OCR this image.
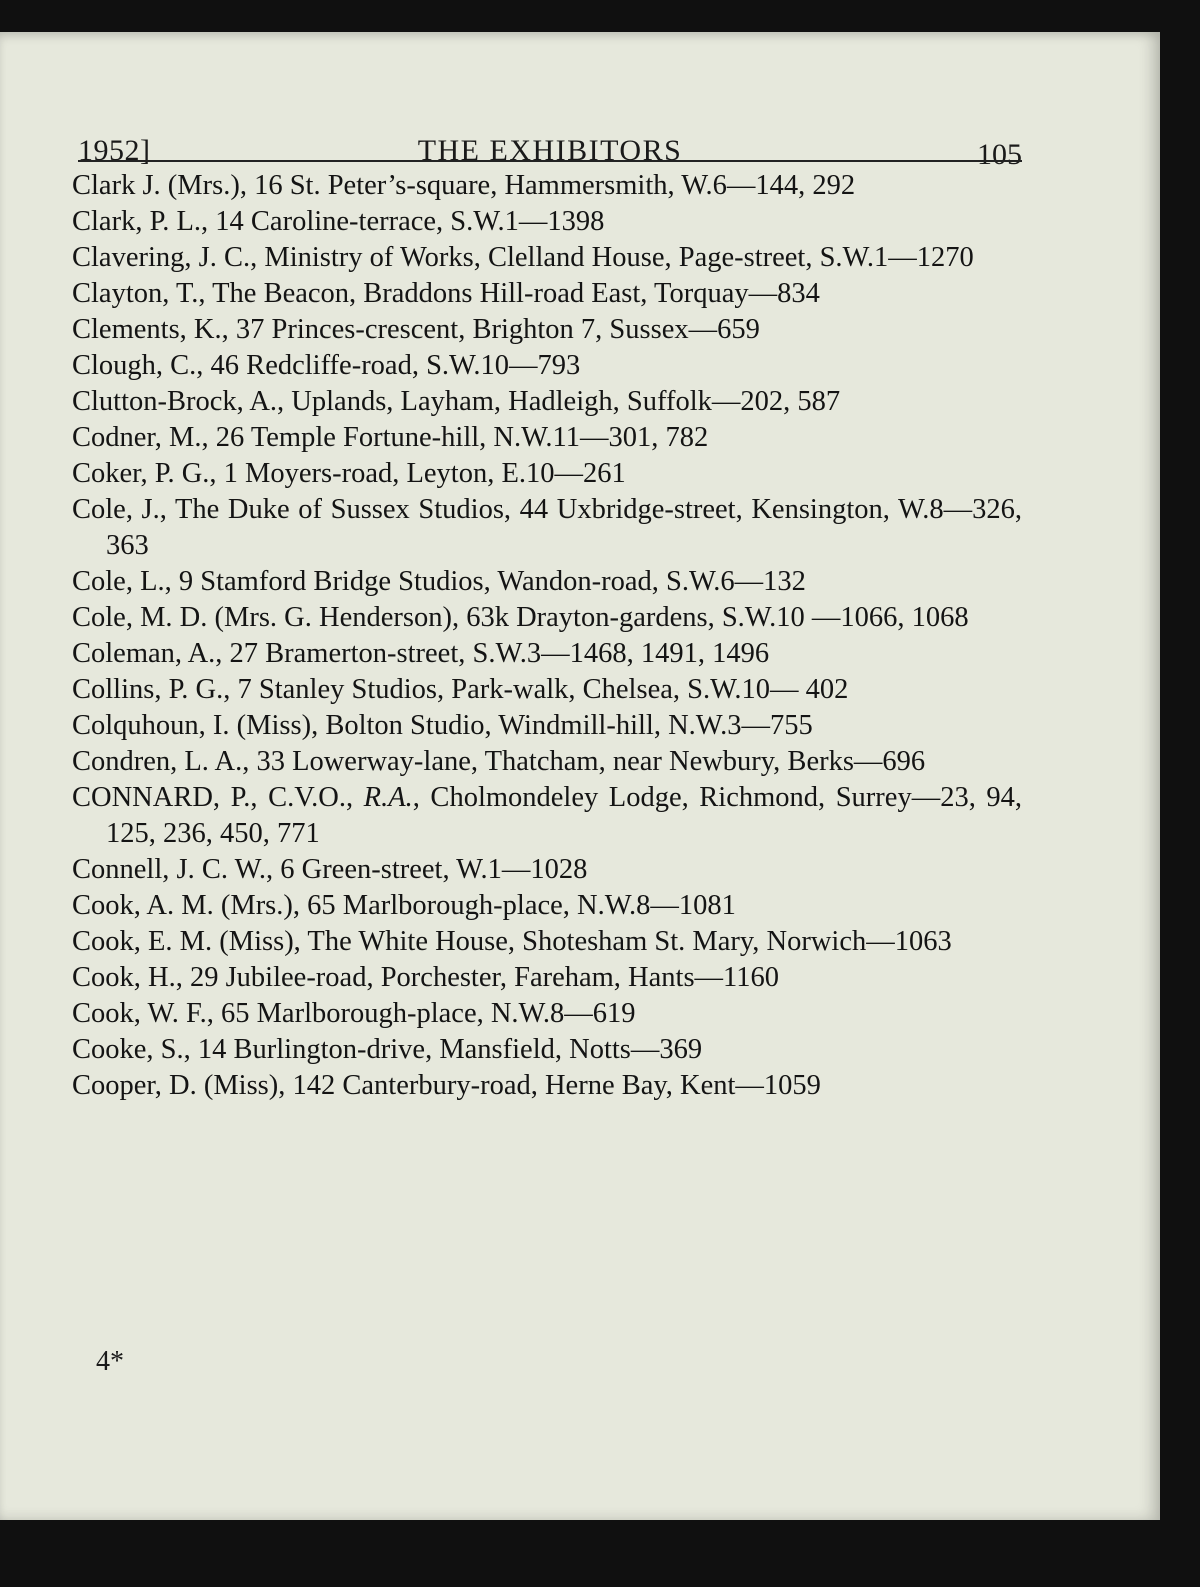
1952]	THE EXHIBITORS	105
Clark J. (Mrs.), 16 St. Peter’s-square, Hammersmith, W.6—144, 292
Clark, P. L., 14 Caroline-terrace, S.W.1—1398
Clavering, J. C., Ministry of Works, Clelland House, Page-street, S.W.1—1270
Clayton, T., The Beacon, Braddons Hill-road East, Torquay—834
Clements, K., 37 Princes-crescent, Brighton 7, Sussex—659
Clough, C., 46 Redcliffe-road, S.W.10—793
Clutton-Brock, A., Uplands, Layham, Hadleigh, Suffolk—202, 587
Codner, M., 26 Temple Fortune-hill, N.W.11—301, 782
Coker, P. G., 1 Moyers-road, Leyton, E.10—261
Cole, J., The Duke of Sussex Studios, 44 Uxbridge-street, Kensington, W.8—326, 363
Cole, L., 9 Stamford Bridge Studios, Wandon-road, S.W.6—132
Cole, M. D. (Mrs. G. Henderson), 63k Drayton-gardens, S.W.10 —1066, 1068
Coleman, A., 27 Bramerton-street, S.W.3—1468, 1491, 1496
Collins, P. G., 7 Stanley Studios, Park-walk, Chelsea, S.W.10— 402
Colquhoun, I. (Miss), Bolton Studio, Windmill-hill, N.W.3—755
Condren, L. A., 33 Lowerway-lane, Thatcham, near Newbury, Berks—696
CONNARD, P., C.V.O., R.A., Cholmondeley Lodge, Richmond, Surrey—23, 94, 125, 236, 450, 771
Connell, J. C. W., 6 Green-street, W.1—1028
Cook, A. M. (Mrs.), 65 Marlborough-place, N.W.8—1081
Cook, E. M. (Miss), The White House, Shotesham St. Mary, Norwich—1063
Cook, H., 29 Jubilee-road, Porchester, Fareham, Hants—1160
Cook, W. F., 65 Marlborough-place, N.W.8—619
Cooke, S., 14 Burlington-drive, Mansfield, Notts—369
Cooper, D. (Miss), 142 Canterbury-road, Herne Bay, Kent—1059
4*
